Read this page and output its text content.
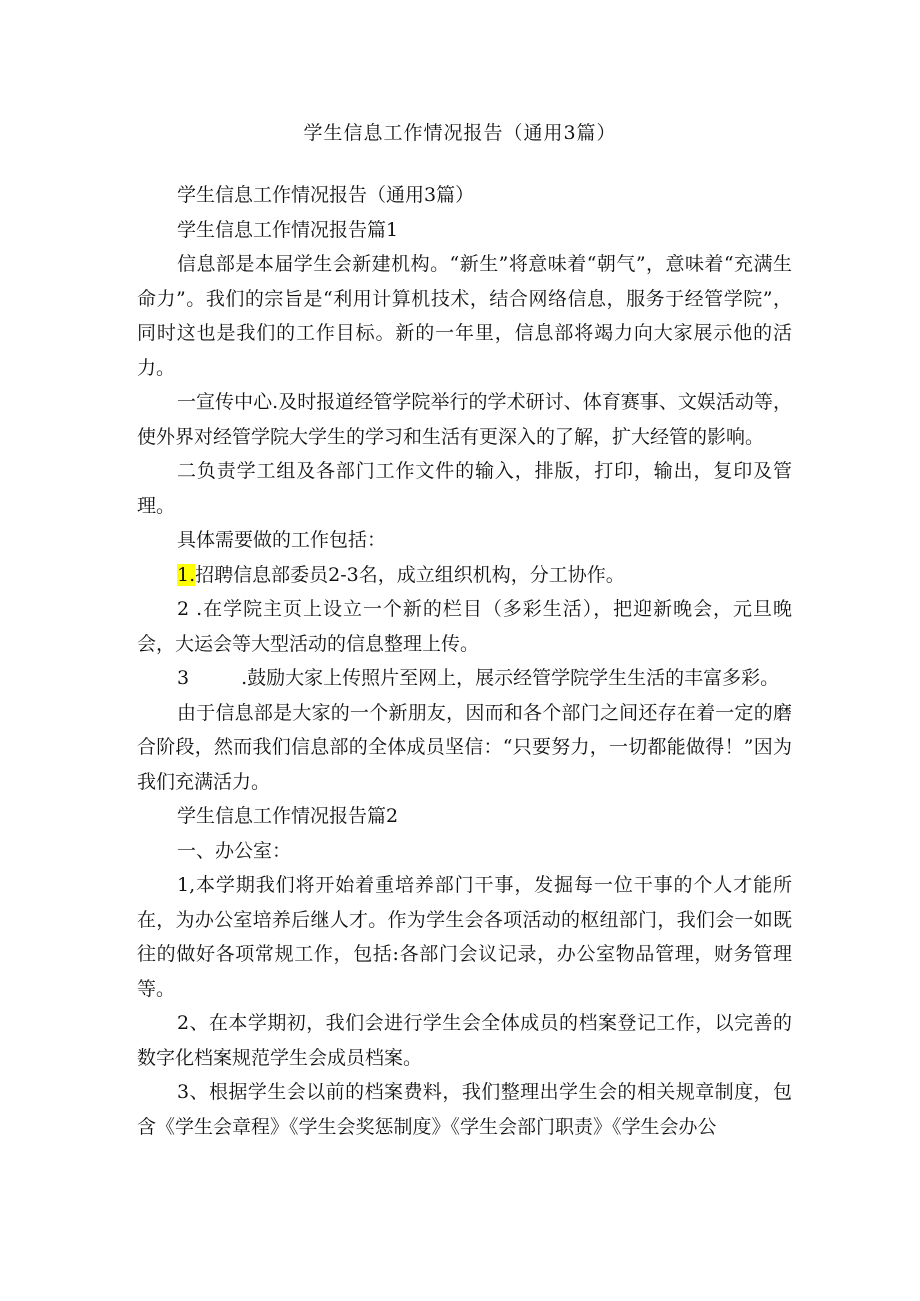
学生信息工作情况报告（通用3篇）

学生信息工作情况报告（通用3篇）

学生信息工作情况报告篇1

信息部是本届学生会新建机构。“新生”将意味着“朝气”，意味着“充满生命力”。我们的宗旨是“利用计算机技术，结合网络信息，服务于经管学院”，同时这也是我们的工作目标。新的一年里，信息部将竭力向大家展示他的活力。

一宣传中心.及时报道经管学院举行的学术研讨、体育赛事、文娱活动等，使外界对经管学院大学生的学习和生活有更深入的了解，扩大经管的影响。

二负责学工组及各部门工作文件的输入，排版，打印，输出，复印及管理。

具体需要做的工作包括：

1.招聘信息部委员2-3名，成立组织机构，分工协作。

2 .在学院主页上设立一个新的栏目（多彩生活），把迎新晚会，元旦晚会，大运会等大型活动的信息整理上传。

3	.鼓励大家上传照片至网上，展示经管学院学生生活的丰富多彩。

由于信息部是大家的一个新朋友，因而和各个部门之间还存在着一定的磨合阶段，然而我们信息部的全体成员坚信：“只要努力，一切都能做得！”因为我们充满活力。

学生信息工作情况报告篇2

一、办公室：

1,本学期我们将开始着重培养部门干事，发掘每一位干事的个人才能所在，为办公室培养后继人才。作为学生会各项活动的枢纽部门，我们会一如既往的做好各项常规工作，包括:各部门会议记录，办公室物品管理，财务管理等。

2、在本学期初，我们会进行学生会全体成员的档案登记工作，以完善的数字化档案规范学生会成员档案。

3、根据学生会以前的档案费料，我们整理出学生会的相关规章制度，包含《学生会章程》《学生会奖惩制度》《学生会部门职责》《学生会办公
